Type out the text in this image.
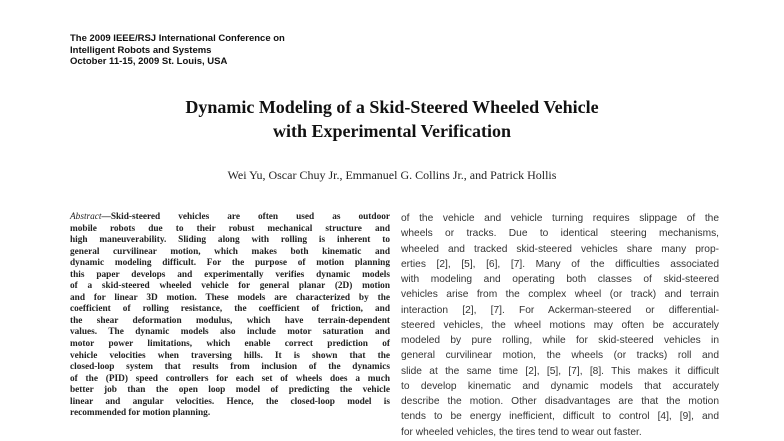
The 2009 IEEE/RSJ International Conference on
Intelligent Robots and Systems
October 11-15, 2009 St. Louis, USA
Dynamic Modeling of a Skid-Steered Wheeled Vehicle
with Experimental Verification
Wei Yu, Oscar Chuy Jr., Emmanuel G. Collins Jr., and Patrick Hollis
Abstract—Skid-steered vehicles are often used as outdoor
mobile robots due to their robust mechanical structure and
high maneuverability. Sliding along with rolling is inherent to
general curvilinear motion, which makes both kinematic and
dynamic modeling difficult. For the purpose of motion planning
this paper develops and experimentally verifies dynamic models
of a skid-steered wheeled vehicle for general planar (2D) motion
and for linear 3D motion. These models are characterized by the
coefficient of rolling resistance, the coefficient of friction, and
the shear deformation modulus, which have terrain-dependent
values. The dynamic models also include motor saturation and
motor power limitations, which enable correct prediction of
vehicle velocities when traversing hills. It is shown that the
closed-loop system that results from inclusion of the dynamics
of the (PID) speed controllers for each set of wheels does a much
better job than the open loop model of predicting the vehicle
linear and angular velocities. Hence, the closed-loop model is
recommended for motion planning.
of the vehicle and vehicle turning requires slippage of the
wheels or tracks. Due to identical steering mechanisms,
wheeled and tracked skid-steered vehicles share many prop-
erties [2], [5], [6], [7]. Many of the difficulties associated
with modeling and operating both classes of skid-steered
vehicles arise from the complex wheel (or track) and terrain
interaction [2], [7]. For Ackerman-steered or differential-
steered vehicles, the wheel motions may often be accurately
modeled by pure rolling, while for skid-steered vehicles in
general curvilinear motion, the wheels (or tracks) roll and
slide at the same time [2], [5], [7], [8]. This makes it difficult
to develop kinematic and dynamic models that accurately
describe the motion. Other disadvantages are that the motion
tends to be energy inefficient, difficult to control [4], [9], and
for wheeled vehicles, the tires tend to wear out faster.
